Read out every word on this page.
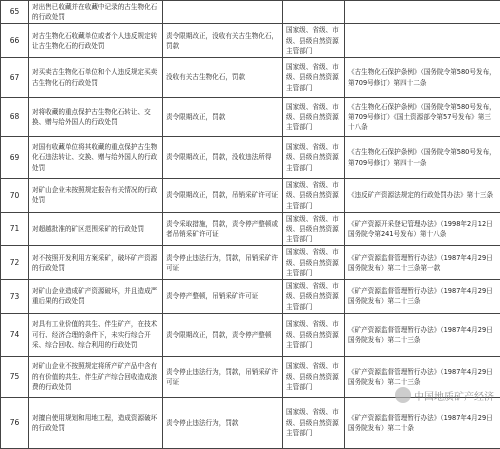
65	对出售已收藏并在收藏中记录的古生物化石的行政处罚			
66	对古生物化石收藏单位或者个人违反规定转让古生物化石的行政处罚	责令限期改正，没收有关古生物化石，罚款	国家级、省级、市级、县级自然资源主管部门	
67	对买卖古生物化石单位和个人违反规定买卖古生物化石的行政处罚	没收有关古生物化石，罚款	国家级、省级、市级、县级自然资源主管部门	《古生物化石保护条例》（国务院令第580号发布，第709号修订）第四十二条
68	对将收藏的重点保护古生物化石转让、交换、赠与给外国人的行政处罚	责令限期改正，罚款	国家级、省级、市级、县级自然资源主管部门	《古生物化石保护条例》（国务院令第580号发布，第709号修订）《国土资源部令第57号发布》第三十八条
69	对国有收藏单位将其收藏的重点保护古生物化石违法转让、交换、赠与给外国人的行政处罚	责令限期改正，罚款，没收违法所得	国家级、省级、市级、县级自然资源主管部门	《古生物化石保护条例》（国务院令第580号发布，第709号修订）第四十一条
70	对矿山企业未按照规定报告有关情况的行政处罚	责令限期改正，罚款，吊销采矿许可证	国家级、省级、市级、县级自然资源主管部门	《违反矿产资源法规定的行政处罚办法》第十三条
71	对超越批准的矿区范围采矿的行政处罚	责令采取措施，罚款，责令停产整顿或者吊销采矿许可证	国家级、省级、市级、县级自然资源主管部门	《矿产资源开采登记管理办法》（1998年2月12日国务院令第241号发布）第十八条
72	对不按照开发利用方案采矿，破坏矿产资源的行政处罚	责令停止违法行为，罚款，吊销采矿许可证	国家级、省级、市级、县级自然资源主管部门	《矿产资源监督管理暂行办法》（1987年4月29日国务院发布）第二十三条第一款
73	对矿山企业造成矿产资源破坏，并且造成严重后果的行政处罚	责令停产整顿，吊销采矿许可证	国家级、省级、市级、县级自然资源主管部门	《矿产资源监督管理暂行办法》（1987年4月29日国务院发布）第二十三条
74	对具有工业价值的共生、伴生矿产，在技术可行、经济合理的条件下，未实行综合开采、综合回收、综合利用的行政处罚	责令限期改正，罚款，责令停产整顿	国家级、省级、市级、县级自然资源主管部门	《矿产资源监督管理暂行办法》（1987年4月29日国务院发布）第二十三条
75	对矿山企业不按照规定将所产矿产品中含有的有价值的共生、伴生矿产综合回收造成浪费的行政处罚	责令停止违法行为，罚款，吊销采矿许可证	国家级、省级、市级、县级自然资源主管部门	《矿产资源监督管理暂行办法》（1987年4月29日国务院发布）第二十三条
76	对擅自使用规划和用地工程，造成资源破坏的行政处罚	责令停止违法行为，罚款	国家级、省级、市级、县级自然资源主管部门	《矿产资源监督管理暂行办法》（1987年4月29日国务院发布）第二十条
中国地质矿产经济
